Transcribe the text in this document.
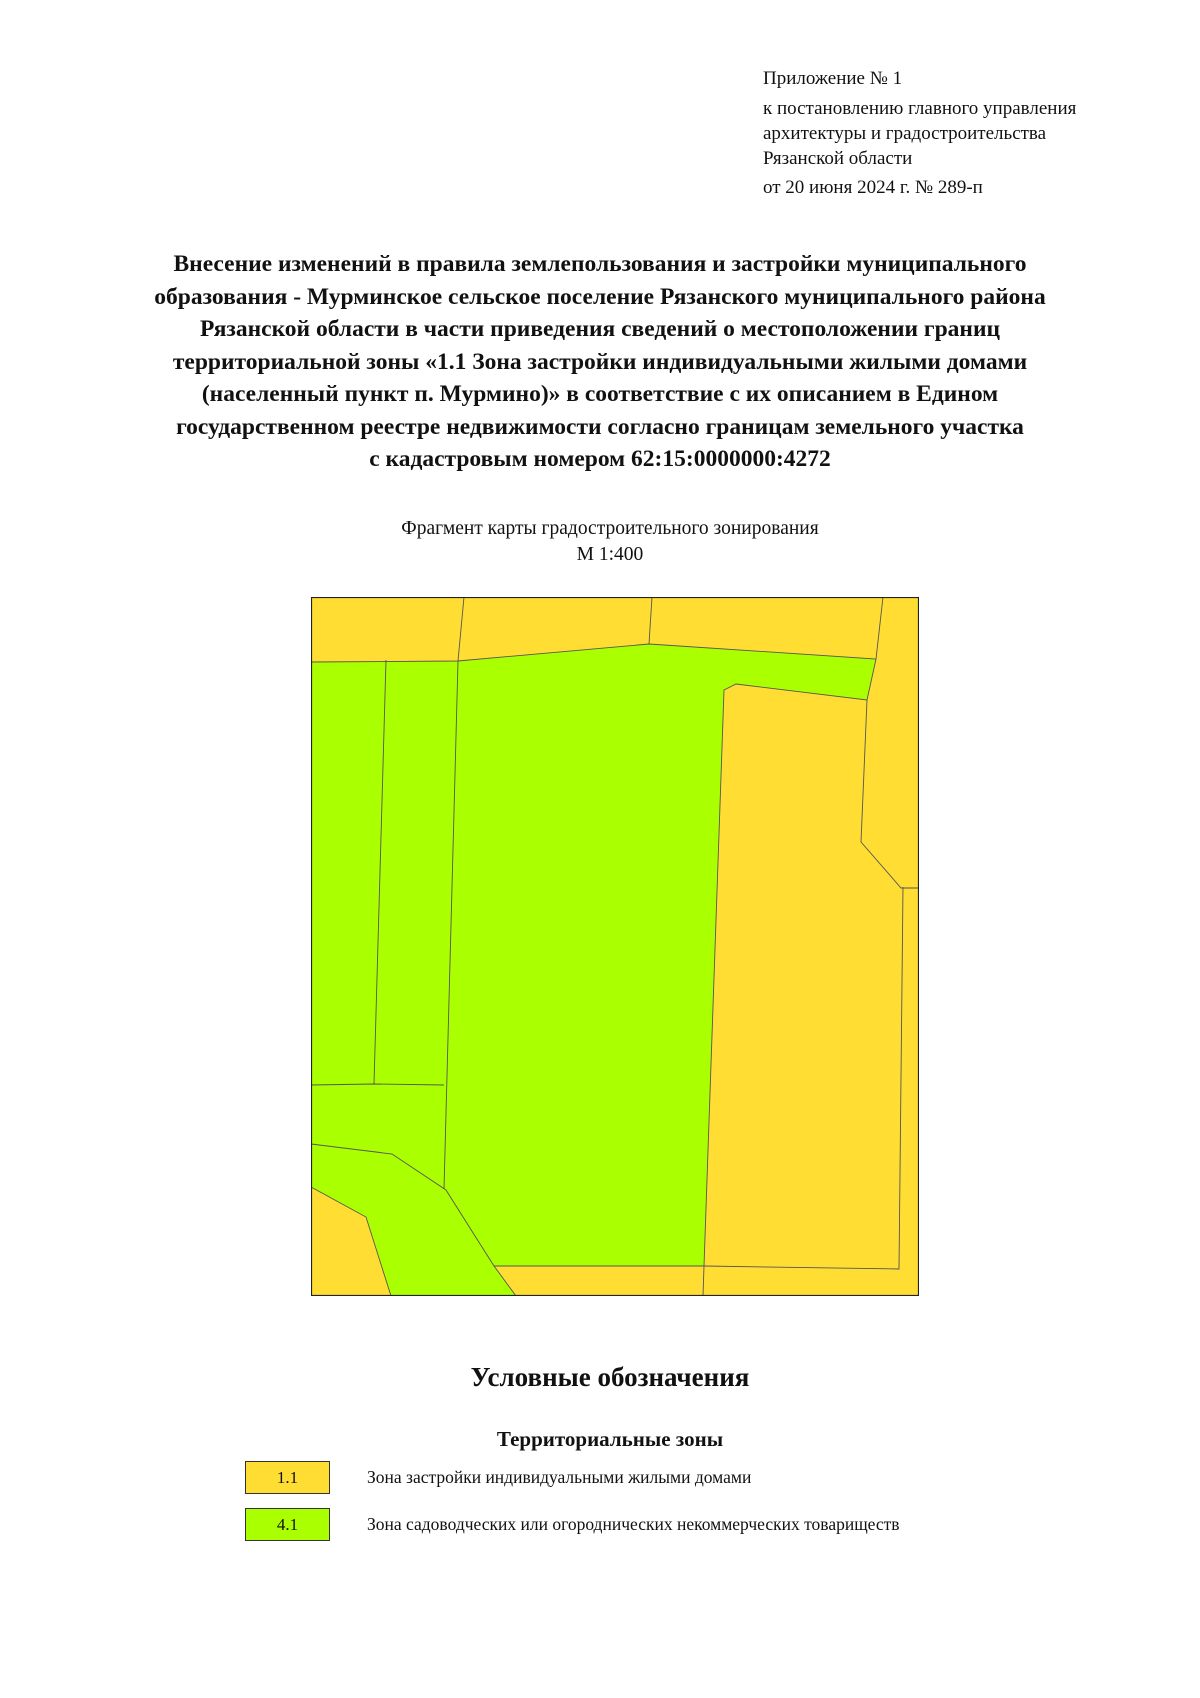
Приложение № 1
к постановлению главного управления
архитектуры и градостроительства
Рязанской области
от 20 июня 2024 г. № 289-п
Внесение изменений в правила землепользования и застройки муниципального
образования - Мурминское сельское поселение Рязанского муниципального района
Рязанской области в части приведения сведений о местоположении границ
территориальной зоны «1.1 Зона застройки индивидуальными жилыми домами
(населенный пункт п. Мурмино)» в соответствие с их описанием в Едином
государственном реестре недвижимости согласно границам земельного участка
с кадастровым номером 62:15:0000000:4272
Фрагмент карты градостроительного зонирования
М 1:400
Условные обозначения
Территориальные зоны
1.1	Зона застройки индивидуальными жилыми домами
4.1	Зона садоводческих или огороднических некоммерческих товариществ
